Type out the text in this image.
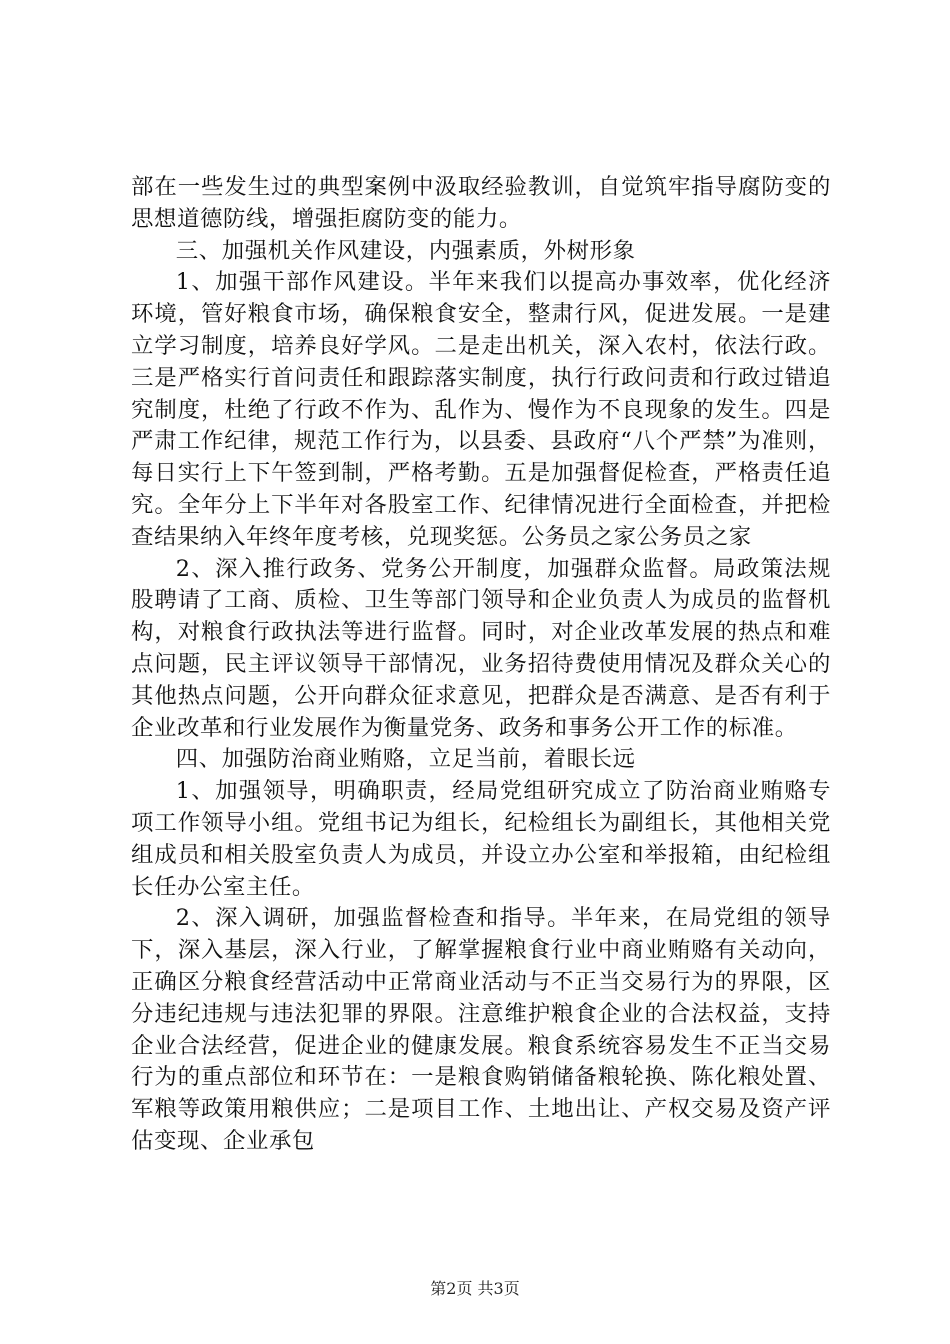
部在一些发生过的典型案例中汲取经验教训，自觉筑牢指导腐防变的思想道德防线，增强拒腐防变的能力。

三、加强机关作风建设，内强素质，外树形象

1、加强干部作风建设。半年来我们以提高办事效率，优化经济环境，管好粮食市场，确保粮食安全，整肃行风，促进发展。一是建立学习制度，培养良好学风。二是走出机关，深入农村，依法行政。三是严格实行首问责任和跟踪落实制度，执行行政问责和行政过错追究制度，杜绝了行政不作为、乱作为、慢作为不良现象的发生。四是严肃工作纪律，规范工作行为，以县委、县政府“八个严禁”为准则，每日实行上下午签到制，严格考勤。五是加强督促检查，严格责任追究。全年分上下半年对各股室工作、纪律情况进行全面检查，并把检查结果纳入年终年度考核，兑现奖惩。公务员之家公务员之家

2、深入推行政务、党务公开制度，加强群众监督。局政策法规股聘请了工商、质检、卫生等部门领导和企业负责人为成员的监督机构，对粮食行政执法等进行监督。同时，对企业改革发展的热点和难点问题，民主评议领导干部情况，业务招待费使用情况及群众关心的其他热点问题，公开向群众征求意见，把群众是否满意、是否有利于企业改革和行业发展作为衡量党务、政务和事务公开工作的标准。

四、加强防治商业贿赂，立足当前，着眼长远

1、加强领导，明确职责，经局党组研究成立了防治商业贿赂专项工作领导小组。党组书记为组长，纪检组长为副组长，其他相关党组成员和相关股室负责人为成员，并设立办公室和举报箱，由纪检组长任办公室主任。

2、深入调研，加强监督检查和指导。半年来，在局党组的领导下，深入基层，深入行业，了解掌握粮食行业中商业贿赂有关动向，正确区分粮食经营活动中正常商业活动与不正当交易行为的界限，区分违纪违规与违法犯罪的界限。注意维护粮食企业的合法权益，支持企业合法经营，促进企业的健康发展。粮食系统容易发生不正当交易行为的重点部位和环节在：一是粮食购销储备粮轮换、陈化粮处置、军粮等政策用粮供应；二是项目工作、土地出让、产权交易及资产评估变现、企业承包

第2页 共3页
